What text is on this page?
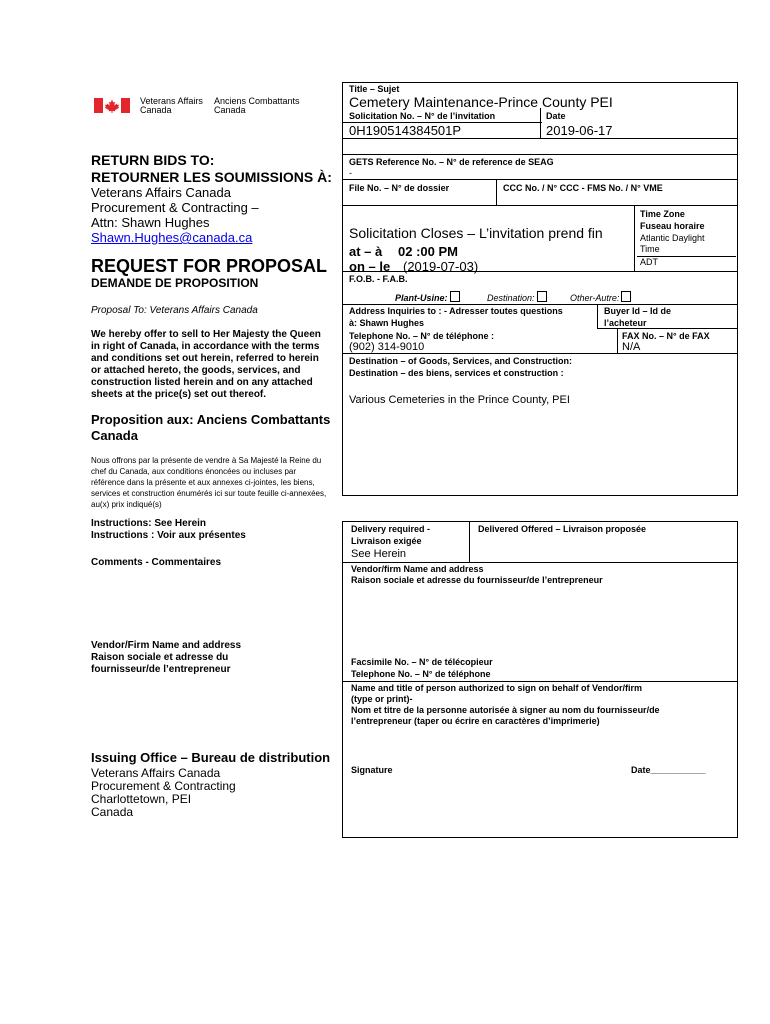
Veterans Affairs
Canada
Anciens Combattants
Canada
RETURN BIDS TO:
RETOURNER LES SOUMISSIONS À:
Veterans Affairs Canada
Procurement & Contracting –
Attn: Shawn Hughes
Shawn.Hughes@canada.ca
REQUEST FOR PROPOSAL
DEMANDE DE PROPOSITION
Proposal To: Veterans Affairs Canada
We hereby offer to sell to Her Majesty the Queen in right of Canada, in accordance with the terms and conditions set out herein, referred to herein or attached hereto, the goods, services, and construction listed herein and on any attached sheets at the price(s) set out thereof.
Proposition aux: Anciens Combattants Canada
Nous offrons par la présente de vendre à Sa Majesté la Reine du chef du Canada, aux conditions énoncées ou incluses par référence dans la présente et aux annexes ci-jointes, les biens, services et construction énumérés ici sur toute feuille ci-annexées, au(x) prix indiqué(s)
Instructions: See Herein
Instructions : Voir aux présentes
Comments - Commentaires
Vendor/Firm Name and address
Raison sociale et adresse du
fournisseur/de l’entrepreneur
Issuing Office – Bureau de distribution
Veterans Affairs Canada
Procurement & Contracting
Charlottetown, PEI
Canada
Title – Sujet
Cemetery Maintenance-Prince County PEI
Solicitation No. – N° de l’invitation
0H190514384501P
Date
2019-06-17
GETS Reference No. – N° de reference de SEAG
-
File No. – N° de dossier	CCC No. / N° CCC - FMS No. / N° VME
Solicitation Closes – L’invitation prend fin
at – à 02 :00 PM
on – le (2019-07-03)
Time Zone
Fuseau horaire
Atlantic Daylight
Time
ADT
F.O.B. - F.A.B.
Plant-Usine:	Destination:	Other-Autre:
Address Inquiries to : - Adresser toutes questions
à: Shawn Hughes
Buyer Id – Id de
l’acheteur
Telephone No. – N° de téléphone :
(902) 314-9010
FAX No. – N° de FAX
N/A
Destination – of Goods, Services, and Construction:
Destination – des biens, services et construction :
Various Cemeteries in the Prince County, PEI
Delivery required -
Livraison exigée
See Herein
Delivered Offered – Livraison proposée
Vendor/firm Name and address
Raison sociale et adresse du fournisseur/de l’entrepreneur
Facsimile No. – N° de télécopieur
Telephone No. – N° de téléphone
Name and title of person authorized to sign on behalf of Vendor/firm
(type or print)-
Nom et titre de la personne autorisée à signer au nom du fournisseur/de
l’entrepreneur (taper ou écrire en caractères d’imprimerie)
Signature	Date___________
